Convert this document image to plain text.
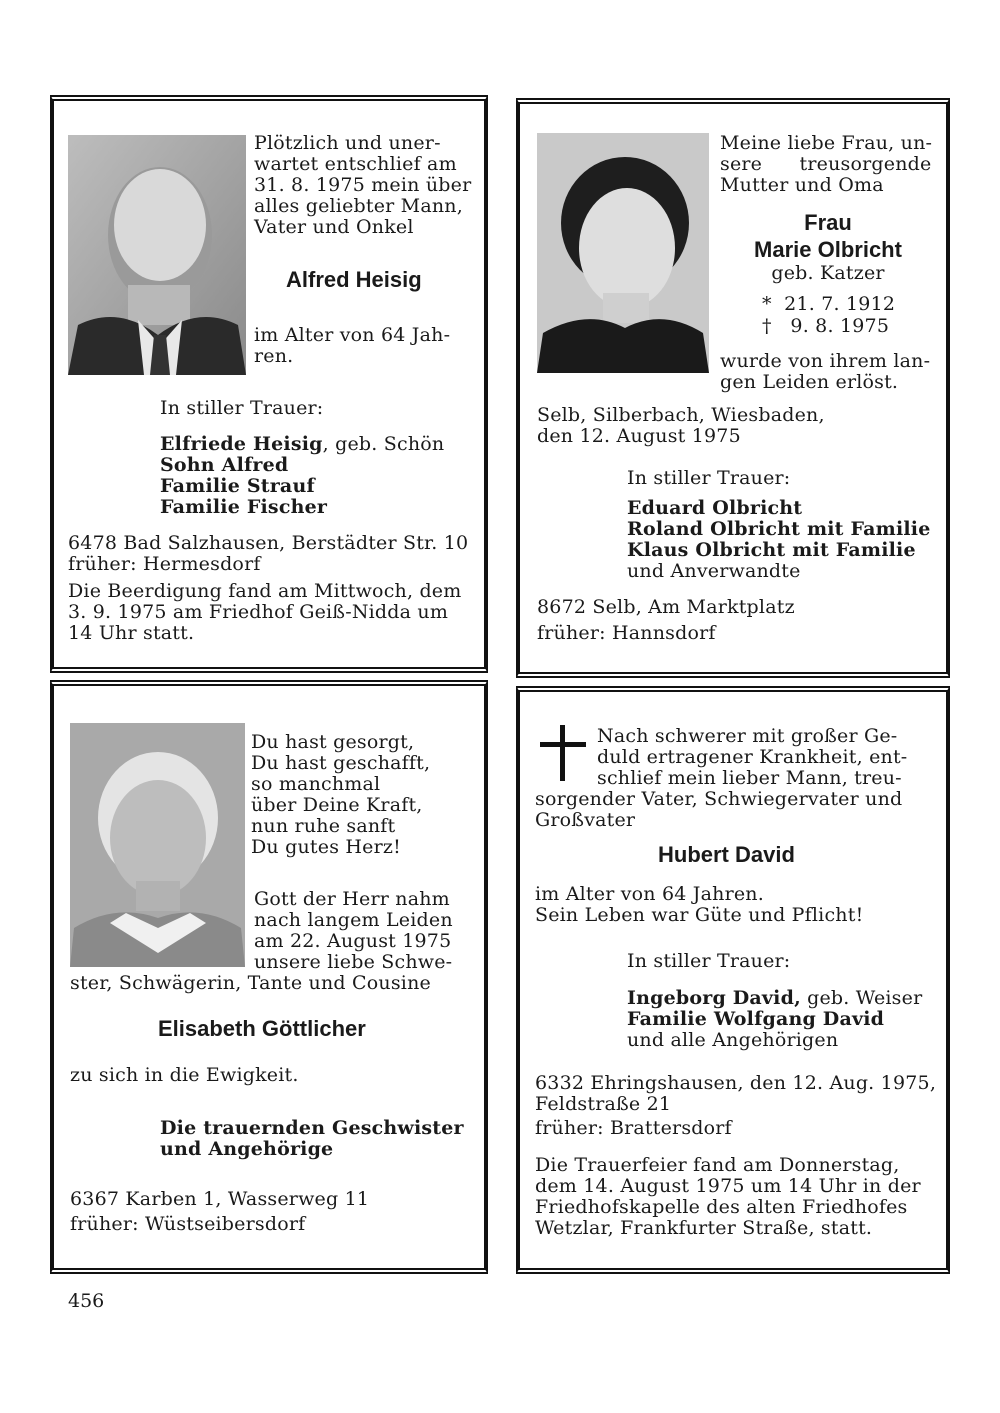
Plötzlich und uner-
wartet entschlief am
31. 8. 1975 mein über
alles geliebter Mann,
Vater und Onkel
Alfred Heisig
im Alter von 64 Jah-
ren.
In stiller Trauer:
Elfriede Heisig, geb. Schön
Sohn Alfred
Familie Strauf
Familie Fischer
6478 Bad Salzhausen, Berstädter Str. 10
früher: Hermesdorf
Die Beerdigung fand am Mittwoch, dem
3. 9. 1975 am Friedhof Geiß-Nidda um
14 Uhr statt.
Meine liebe Frau, un-
sere      treusorgende
Mutter und Oma
Frau
Marie Olbricht
geb. Katzer
*  21. 7. 1912
†   9. 8. 1975
wurde von ihrem lan-
gen Leiden erlöst.
Selb, Silberbach, Wiesbaden,
den 12. August 1975
In stiller Trauer:
Eduard Olbricht
Roland Olbricht mit Familie
Klaus Olbricht mit Familie
und Anverwandte
8672 Selb, Am Marktplatz
früher: Hannsdorf
Du hast gesorgt,
Du hast geschafft,
so manchmal
über Deine Kraft,
nun ruhe sanft
Du gutes Herz!
Gott der Herr nahm
nach langem Leiden
am 22. August 1975
unsere liebe Schwe-
ster, Schwägerin, Tante und Cousine
Elisabeth Göttlicher
zu sich in die Ewigkeit.
Die trauernden Geschwister
und Angehörige
6367 Karben 1, Wasserweg 11
früher: Wüstseibersdorf
Nach schwerer mit großer Ge-
duld ertragener Krankheit, ent-
schlief mein lieber Mann, treu-
sorgender Vater, Schwiegervater und
Großvater
Hubert David
im Alter von 64 Jahren.
Sein Leben war Güte und Pflicht!
In stiller Trauer:
Ingeborg David, geb. Weiser
Familie Wolfgang David
und alle Angehörigen
6332 Ehringshausen, den 12. Aug. 1975,
Feldstraße 21
früher: Brattersdorf
Die Trauerfeier fand am Donnerstag,
dem 14. August 1975 um 14 Uhr in der
Friedhofskapelle des alten Friedhofes
Wetzlar, Frankfurter Straße, statt.
456
